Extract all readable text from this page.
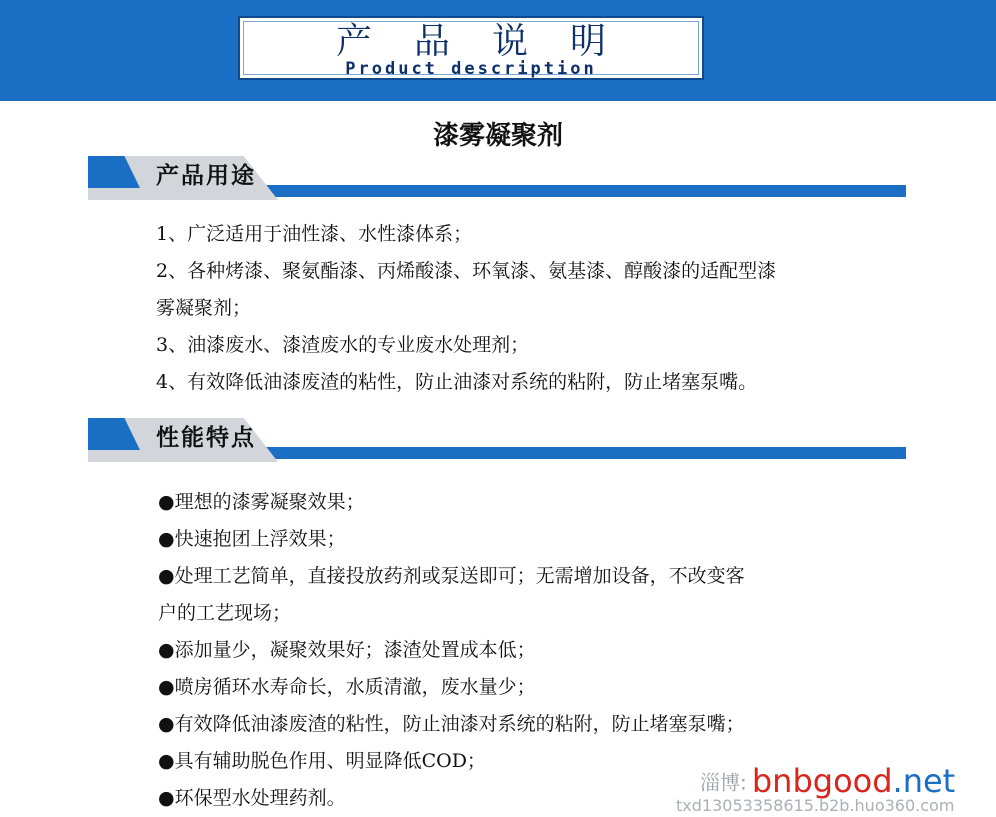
产品说明
Product description
漆雾凝聚剂
产品用途
1、广泛适用于油性漆、水性漆体系；
2、各种烤漆、聚氨酯漆、丙烯酸漆、环氧漆、氨基漆、醇酸漆的适配型漆
雾凝聚剂；
3、油漆废水、漆渣废水的专业废水处理剂；
4、有效降低油漆废渣的粘性，防止油漆对系统的粘附，防止堵塞泵嘴。
性能特点
●理想的漆雾凝聚效果；
●快速抱团上浮效果；
●处理工艺简单，直接投放药剂或泵送即可；无需增加设备，不改变客
户的工艺现场；
●添加量少，凝聚效果好；漆渣处置成本低；
●喷房循环水寿命长，水质清澈，废水量少；
●有效降低油漆废渣的粘性，防止油漆对系统的粘附，防止堵塞泵嘴；
●具有辅助脱色作用、明显降低COD；
●环保型水处理药剂。
淄博: bnbgood.net
txd13053358615.b2b.huo360.com
